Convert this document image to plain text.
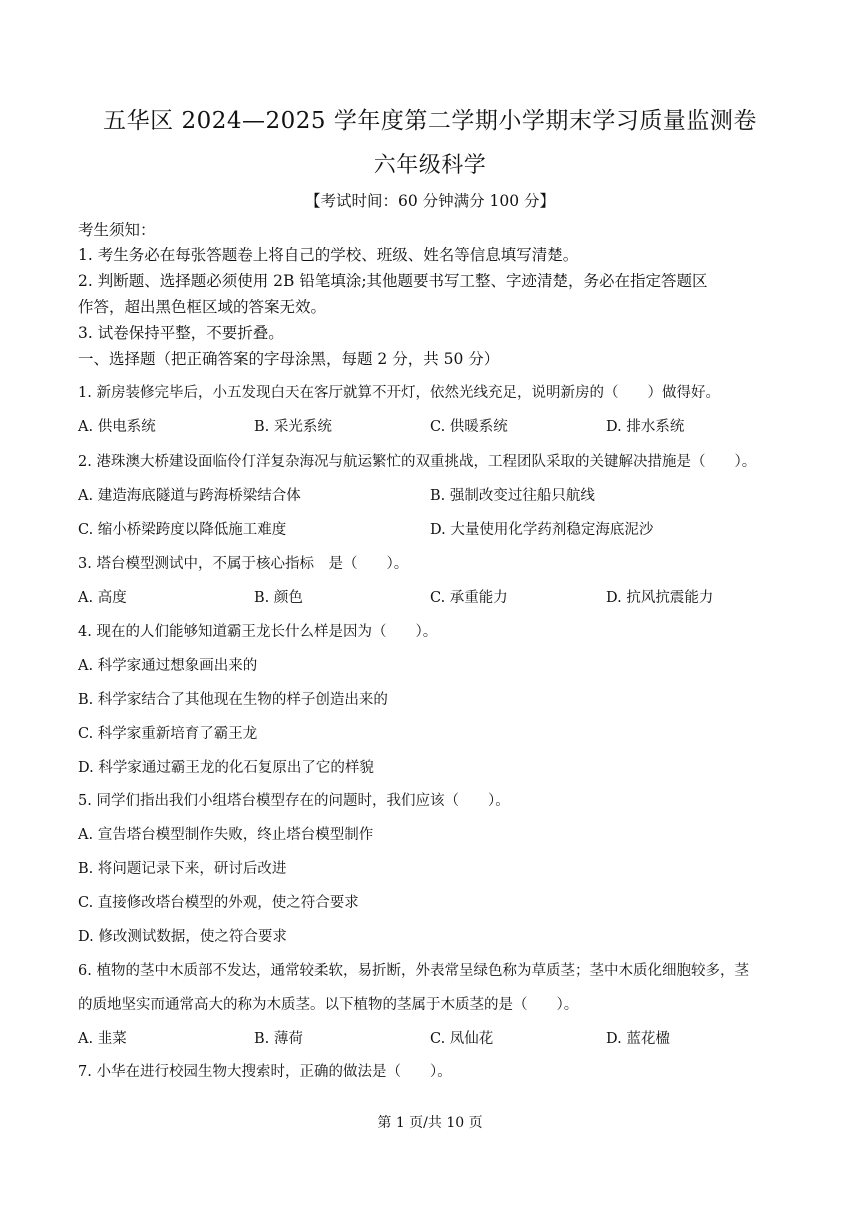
五华区 2024—2025 学年度第二学期小学期末学习质量监测卷
六年级科学
【考试时间：60 分钟满分 100 分】
考生须知：
1. 考生务必在每张答题卷上将自己的学校、班级、姓名等信息填写清楚。
2. 判断题、选择题必须使用 2B 铅笔填涂;其他题要书写工整、字迹清楚，务必在指定答题区
作答，超出黑色框区域的答案无效。
3. 试卷保持平整，不要折叠。
一、选择题（把正确答案的字母涂黑，每题 2 分，共 50 分）
1. 新房装修完毕后，小五发现白天在客厅就算不开灯，依然光线充足，说明新房的（　　）做得好。
A. 供电系统	B. 采光系统	C. 供暖系统	D. 排水系统
2. 港珠澳大桥建设面临伶仃洋复杂海况与航运繁忙的双重挑战，工程团队采取的关键解决措施是（　　）。
A. 建造海底隧道与跨海桥梁结合体	B. 强制改变过往船只航线
C. 缩小桥梁跨度以降低施工难度	D. 大量使用化学药剂稳定海底泥沙
3. 塔台模型测试中，不属于核心指标　是（　　）。
A. 高度	B. 颜色	C. 承重能力	D. 抗风抗震能力
4. 现在的人们能够知道霸王龙长什么样是因为（　　）。
A. 科学家通过想象画出来的
B. 科学家结合了其他现在生物的样子创造出来的
C. 科学家重新培育了霸王龙
D. 科学家通过霸王龙的化石复原出了它的样貌
5. 同学们指出我们小组塔台模型存在的问题时，我们应该（　　）。
A. 宣告塔台模型制作失败，终止塔台模型制作
B. 将问题记录下来，研讨后改进
C. 直接修改塔台模型的外观，使之符合要求
D. 修改测试数据，使之符合要求
6. 植物的茎中木质部不发达，通常较柔软，易折断，外表常呈绿色称为草质茎；茎中木质化细胞较多，茎
的质地坚实而通常高大的称为木质茎。以下植物的茎属于木质茎的是（　　）。
A. 韭菜	B. 薄荷	C. 凤仙花	D. 蓝花楹
7. 小华在进行校园生物大搜索时，正确的做法是（　　）。
第 1 页/共 10 页
